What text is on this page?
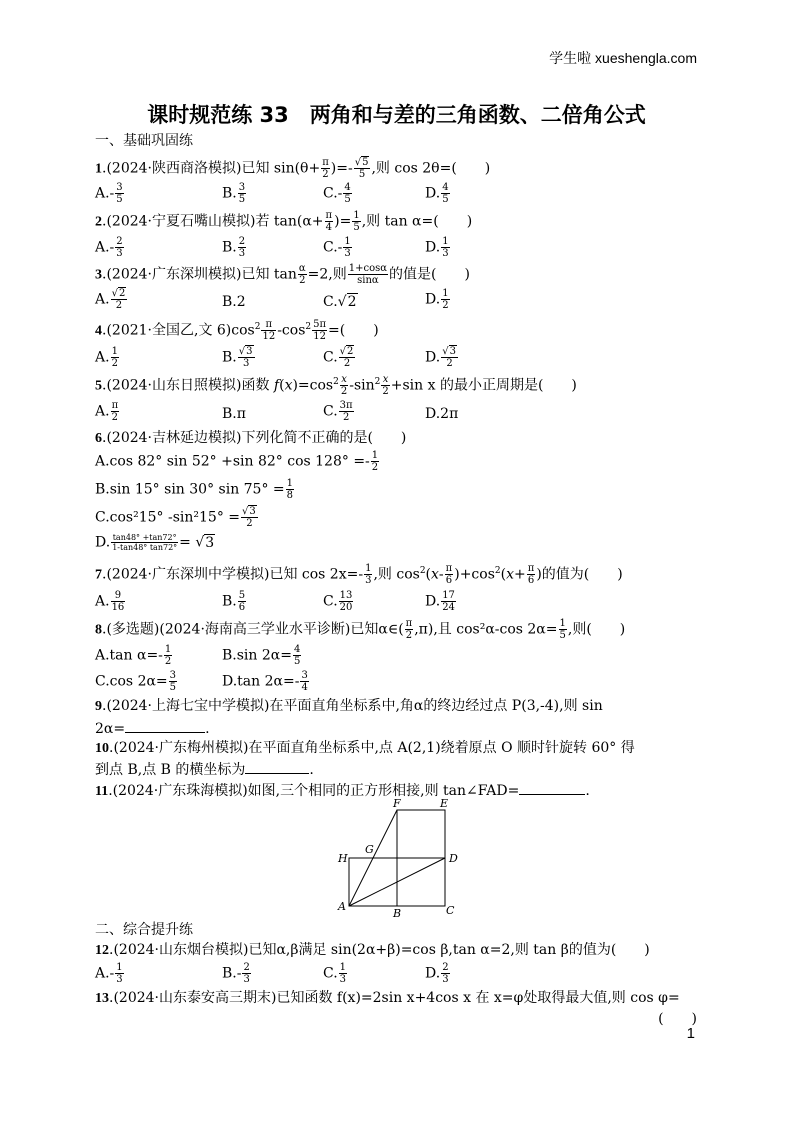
学生啦 xueshengla.com
课时规范练 33　两角和与差的三角函数、二倍角公式
一、基础巩固练
1.(2024·陕西商洛模拟)已知 $\sin(\theta+ \frac{\pi}{2}$ )=- $\frac{√5}{5}$ ,则 cos 2θ=(　　)
$A.- \frac{3}{5}$	B. $\frac{3}{5}$	$C.- \frac{4}{5}$	D. $\frac{4}{5}$
2.(2024·宁夏石嘴山模拟)若 $\tan(\alpha+ \frac{\pi}{4}$ )= $\frac{1}{5}$ ,则 tan α=(　　)
$A.- \frac{2}{3}$	B. $\frac{2}{3}$	$C.- \frac{1}{3}$	D. $\frac{1}{3}$
3.(2024·广东深圳模拟)已知 $\tan \frac{\alpha}{2} =2$,则 $\frac{1+\cos\alpha}{\sin\alpha}$ 的值是(　　)
A. $\frac{√2}{2}$	B.2	C.√2	D. $\frac{1}{2}$
4.(2021·全国乙,文 $6)\cos^2 \frac{\pi}{12} -\cos^2 \frac{5\pi}{12}$ =(　　)
A. $\frac{1}{2}$	B. $\frac{√3}{3}$	C. $\frac{√2}{2}$	D. $\frac{√3}{2}$
5.(2024·山东日照模拟)函数 $f(x)=\cos^2 \frac{x}{2} -\sin^2 \frac{x}{2} +\sin$ x 的最小正周期是(　　)
A. $\frac{\pi}{2}$	B.π	C. $\frac{3\pi}{2}$	D.2π
6.(2024·吉林延边模拟)下列化简不正确的是(　　)
A.cos 82° sin 52° +sin 82° $\cos 128^\circ =- \frac{1}{2}$
B.sin 15° sin 30° $\sin 75^\circ = \frac{1}{8}$
C.cos²15° $-\sin^215^\circ = \frac{√3}{2}$
D. $\frac{\tan 48^\circ +\tan 72^\circ}{1-\tan 48^\circ \tan 72^\circ} = √3$
7.(2024·广东深圳中学模拟)已知 $\cos 2x=- \frac{1}{3}$ ,则 $\cos^2(x- \frac{\pi}{6} )+\cos^2(x+ \frac{\pi}{6}$ )的值为(　　)
A. $\frac{9}{16}$	B. $\frac{5}{6}$	C. $\frac{13}{20}$	D. $\frac{17}{24}$
8.(多选题)(2024·海南高三学业水平诊断)已知α∈( $\frac{\pi}{2} ,\pi$),且 cos²α-cos $2\alpha= \frac{1}{5}$ ,则(　　)
A.tan $\alpha=- \frac{1}{2}$	B.sin $2\alpha= \frac{4}{5}$
C.cos $2\alpha= \frac{3}{5}$	D.tan $2\alpha=- \frac{3}{4}$
9.(2024·上海七宝中学模拟)在平面直角坐标系中,角α的终边经过点 P(3,-4),则 sin
2α=	.
10.(2024·广东梅州模拟)在平面直角坐标系中,点 A(2,1)绕着原点 O 顺时针旋转 60° 得
到点 B,点 B 的横坐标为	.
11.(2024·广东珠海模拟)如图,三个相同的正方形相接,则 tan∠FAD=	.
F	E
H
G
D
A
B	C
二、综合提升练
12.(2024·山东烟台模拟)已知α,β满足 sin(2α+β)=cos β,tan α=2,则 tan β的值为(　　)
$A.- \frac{1}{3}$	$B.- \frac{2}{3}$	C. $\frac{1}{3}$	D. $\frac{2}{3}$
13.(2024·山东泰安高三期末)已知函数 f(x)=2sin x+4cos x 在 x=φ处取得最大值,则 cos φ=
(　　)
1
